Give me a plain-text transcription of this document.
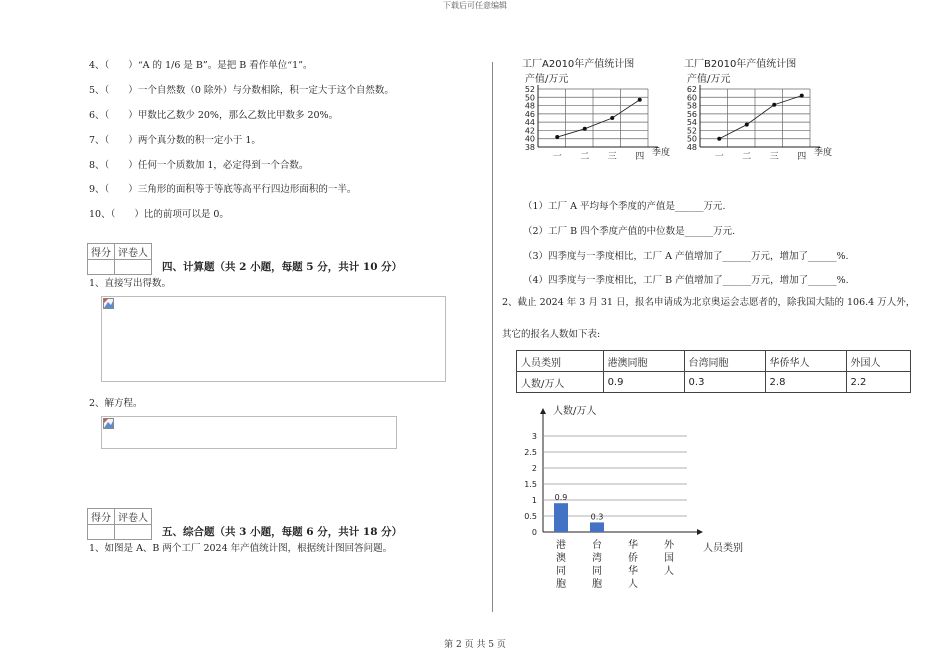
下载后可任意编辑
第 2 页 共 5 页
4、（　　）“A 的 1/6 是 B”。是把 B 看作单位“1”。
5、（　　）一个自然数（0 除外）与分数相除，积一定大于这个自然数。
6、（　　）甲数比乙数少 20%，那么乙数比甲数多 20%。
7、（　　）两个真分数的积一定小于 1。
8、（　　）任何一个质数加 1，必定得到一个合数。
9、（　　）三角形的面积等于等底等高平行四边形面积的一半。
10、（　　）比的前项可以是 0。
得分	评卷人

四、计算题（共 2 小题，每题 5 分，共计 10 分）
1、直接写出得数。
2、解方程。
得分	评卷人

五、综合题（共 3 小题，每题 6 分，共计 18 分）
1、如图是 A、B 两个工厂 2024 年产值统计图，根据统计图回答问题。
工厂A2010年产值统计图
产值/万元
38
40
42
44
46
48
50
52
一 二 三 四 季度
工厂B2010年产值统计图
产值/万元
48
50
52
54
56
58
60
62
一 二 三 四 季度
（1）工厂 A 平均每个季度的产值是______万元.
（2）工厂 B 四个季度产值的中位数是______万元.
（3）四季度与一季度相比，工厂 A 产值增加了______万元，增加了______%.
（4）四季度与一季度相比，工厂 B 产值增加了______万元，增加了______%.
2、截止 2024 年 3 月 31 日，报名申请成为北京奥运会志愿者的，除我国大陆的 106.4 万人外，
其它的报名人数如下表:
人员类别	港澳同胞	台湾同胞	华侨华人	外国人
人数/万人	0.9	0.3	2.8	2.2
人数/万人
0
0.5
1
1.5
2
2.5
3
0.9
港澳同胞
0.3
台湾同胞
华侨华人
外国人
人员类别
